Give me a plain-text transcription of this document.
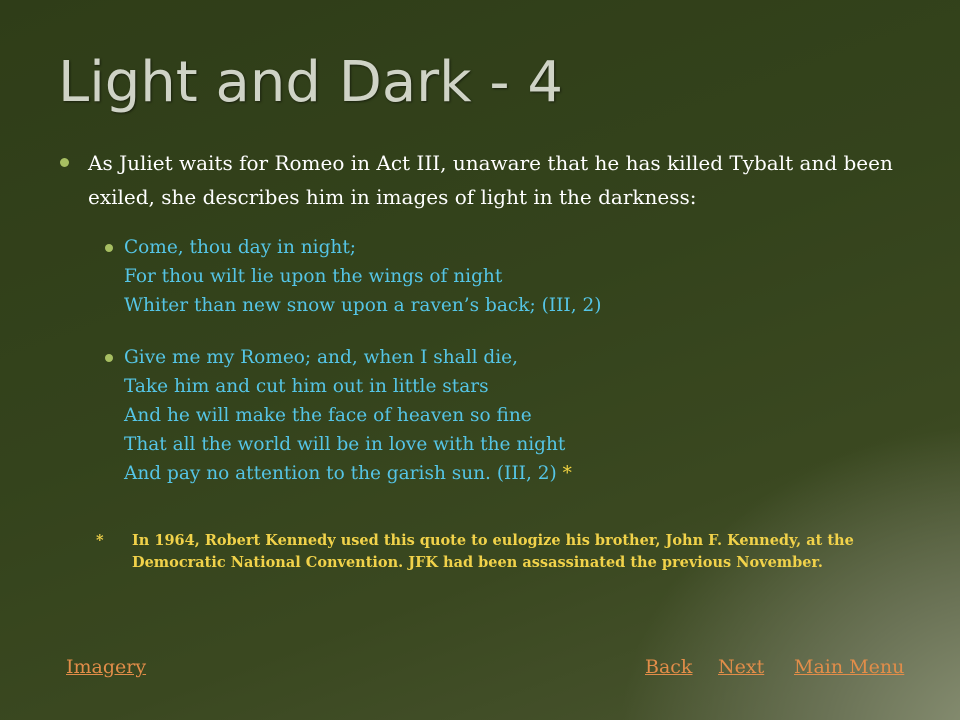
Light and Dark - 4
As Juliet waits for Romeo in Act III, unaware that he has killed Tybalt and been exiled, she describes him in images of light in the darkness:
Come, thou day in night;
For thou wilt lie upon the wings of night
Whiter than new snow upon a raven’s back; (III, 2)
Give me my Romeo; and, when I shall die,
Take him and cut him out in little stars
And he will make the face of heaven so fine
That all the world will be in love with the night
And pay no attention to the garish sun. (III, 2) *
* In 1964, Robert Kennedy used this quote to eulogize his brother, John F. Kennedy, at the
Democratic National Convention. JFK had been assassinated the previous November.
Imagery	Back Next Main Menu
